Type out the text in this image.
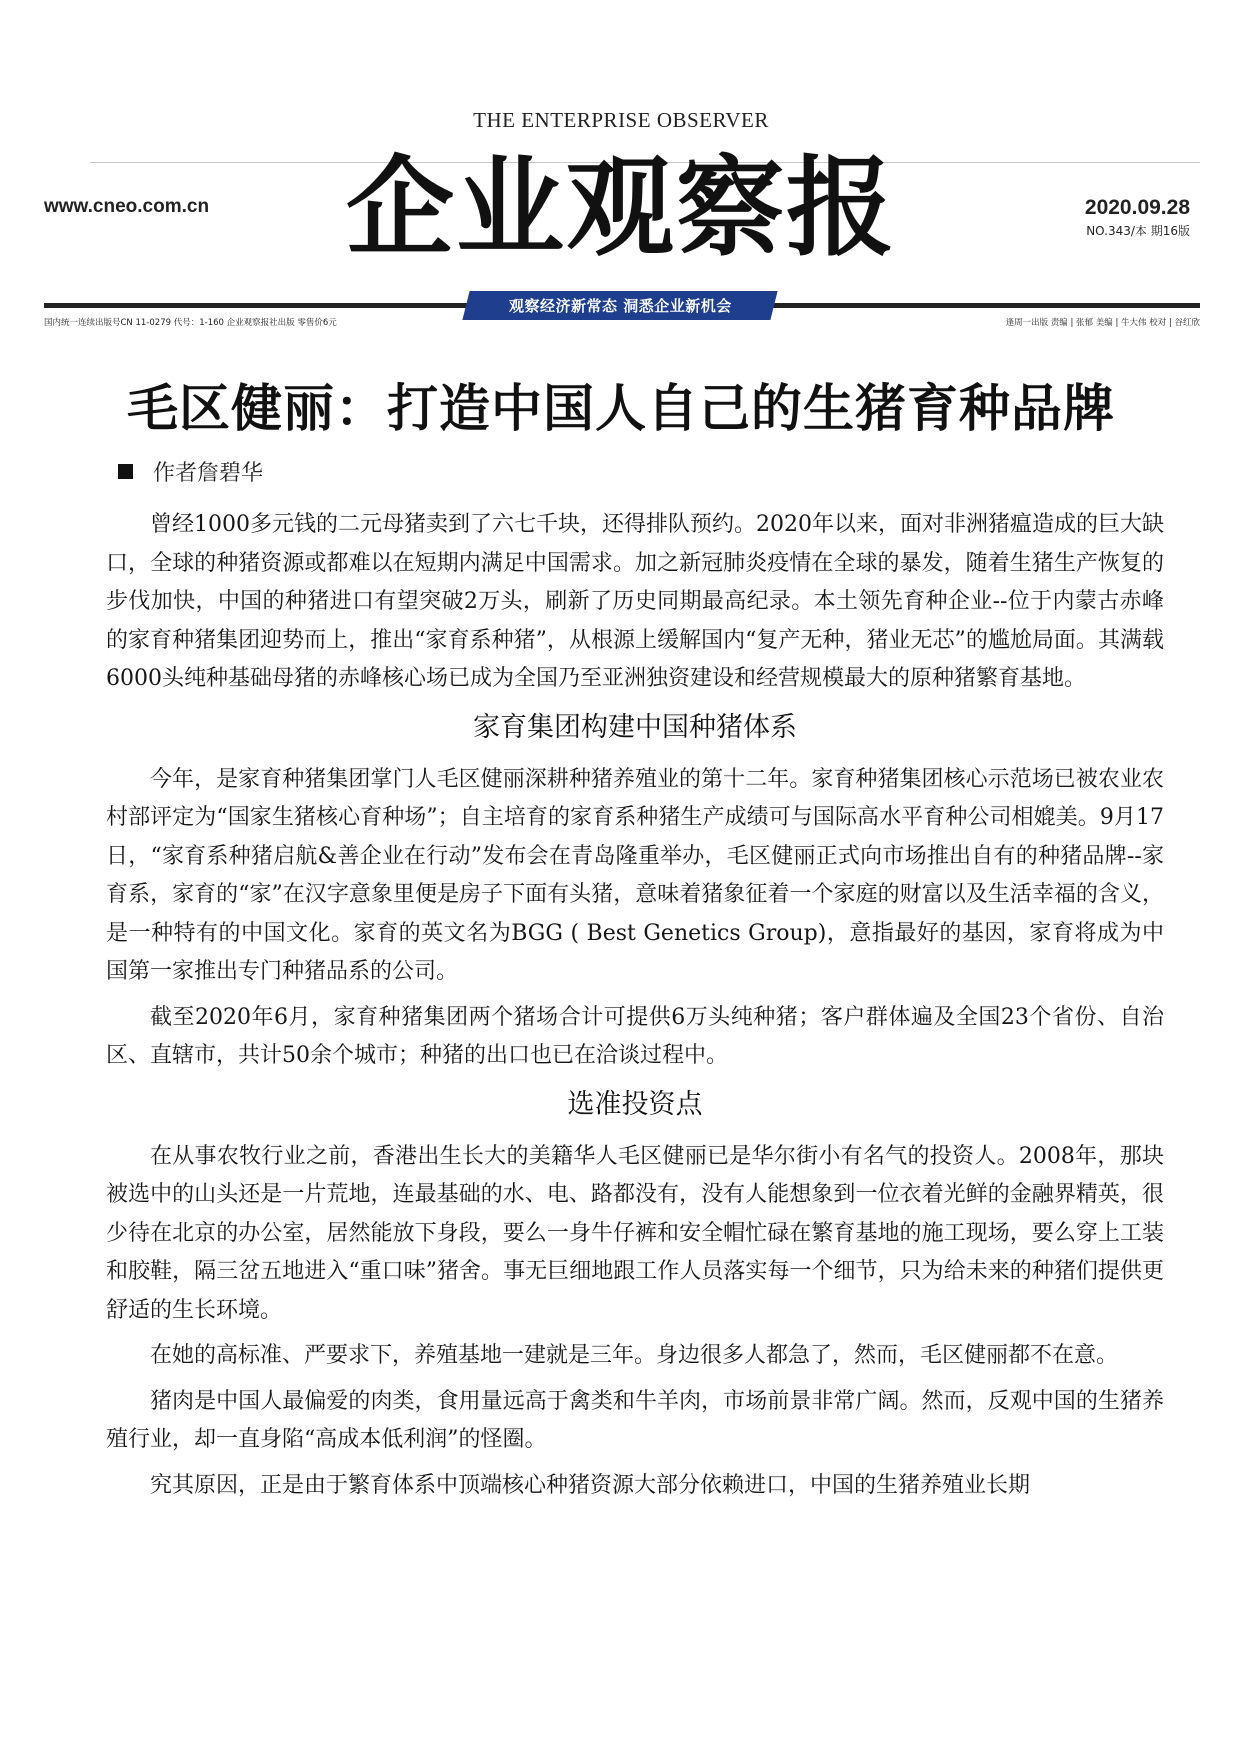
THE ENTERPRISE OBSERVER
www.cneo.com.cn	企业观察报	2020.09.28
NO.343/本 期16版
观察经济新常态 洞悉企业新机会
国内统一连续出版号CN 11-0279 代号：1-160 企业观察报社出版 零售价6元	逢周一出版 责编 | 张郁 美编 | 牛大伟 校对 | 谷红欣
毛区健丽：打造中国人自己的生猪育种品牌
作者詹碧华

曾经1000多元钱的二元母猪卖到了六七千块，还得排队预约。2020年以来，面对非洲猪瘟造成的巨大缺口，全球的种猪资源或都难以在短期内满足中国需求。加之新冠肺炎疫情在全球的暴发，随着生猪生产恢复的步伐加快，中国的种猪进口有望突破2万头，刷新了历史同期最高纪录。本土领先育种企业--位于内蒙古赤峰的家育种猪集团迎势而上，推出“家育系种猪”，从根源上缓解国内“复产无种，猪业无芯”的尴尬局面。其满载6000头纯种基础母猪的赤峰核心场已成为全国乃至亚洲独资建设和经营规模最大的原种猪繁育基地。

家育集团构建中国种猪体系

今年，是家育种猪集团掌门人毛区健丽深耕种猪养殖业的第十二年。家育种猪集团核心示范场已被农业农村部评定为“国家生猪核心育种场”；自主培育的家育系种猪生产成绩可与国际高水平育种公司相媲美。9月17日，“家育系种猪启航&善企业在行动”发布会在青岛隆重举办，毛区健丽正式向市场推出自有的种猪品牌--家育系，家育的“家”在汉字意象里便是房子下面有头猪，意味着猪象征着一个家庭的财富以及生活幸福的含义，是一种特有的中国文化。家育的英文名为BGG ( Best Genetics Group)，意指最好的基因，家育将成为中国第一家推出专门种猪品系的公司。

截至2020年6月，家育种猪集团两个猪场合计可提供6万头纯种猪；客户群体遍及全国23个省份、自治区、直辖市，共计50余个城市；种猪的出口也已在洽谈过程中。

选准投资点

在从事农牧行业之前，香港出生长大的美籍华人毛区健丽已是华尔街小有名气的投资人。2008年，那块被选中的山头还是一片荒地，连最基础的水、电、路都没有，没有人能想象到一位衣着光鲜的金融界精英，很少待在北京的办公室，居然能放下身段，要么一身牛仔裤和安全帽忙碌在繁育基地的施工现场，要么穿上工装和胶鞋，隔三岔五地进入“重口味”猪舍。事无巨细地跟工作人员落实每一个细节，只为给未来的种猪们提供更舒适的生长环境。

在她的高标准、严要求下，养殖基地一建就是三年。身边很多人都急了，然而，毛区健丽都不在意。

猪肉是中国人最偏爱的肉类，食用量远高于禽类和牛羊肉，市场前景非常广阔。然而，反观中国的生猪养殖行业，却一直身陷“高成本低利润”的怪圈。

究其原因，正是由于繁育体系中顶端核心种猪资源大部分依赖进口，中国的生猪养殖业长期
